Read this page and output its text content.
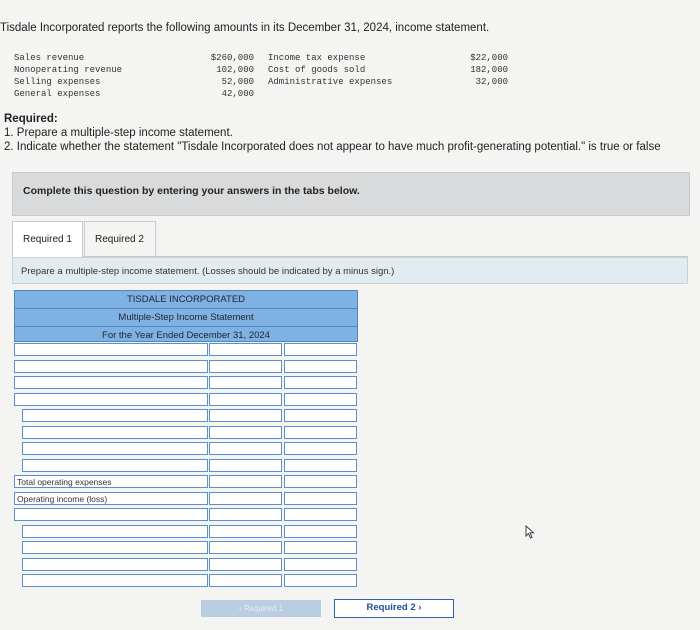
Tisdale Incorporated reports the following amounts in its December 31, 2024, income statement.
Sales revenue
Nonoperating revenue
Selling expenses
General expenses
$260,000
102,000
52,000
42,000
Income tax expense
Cost of goods sold
Administrative expenses
$22,000
182,000
32,000
Required:
1. Prepare a multiple-step income statement.
2. Indicate whether the statement "Tisdale Incorporated does not appear to have much profit-generating potential." is true or false
Complete this question by entering your answers in the tabs below.
Required 1	Required 2
Prepare a multiple-step income statement. (Losses should be indicated by a minus sign.)
TISDALE INCORPORATED
Multiple-Step Income Statement
For the Year Ended December 31, 2024
Total operating expenses
Operating income (loss)
‹ Required 1	Required 2 ›
